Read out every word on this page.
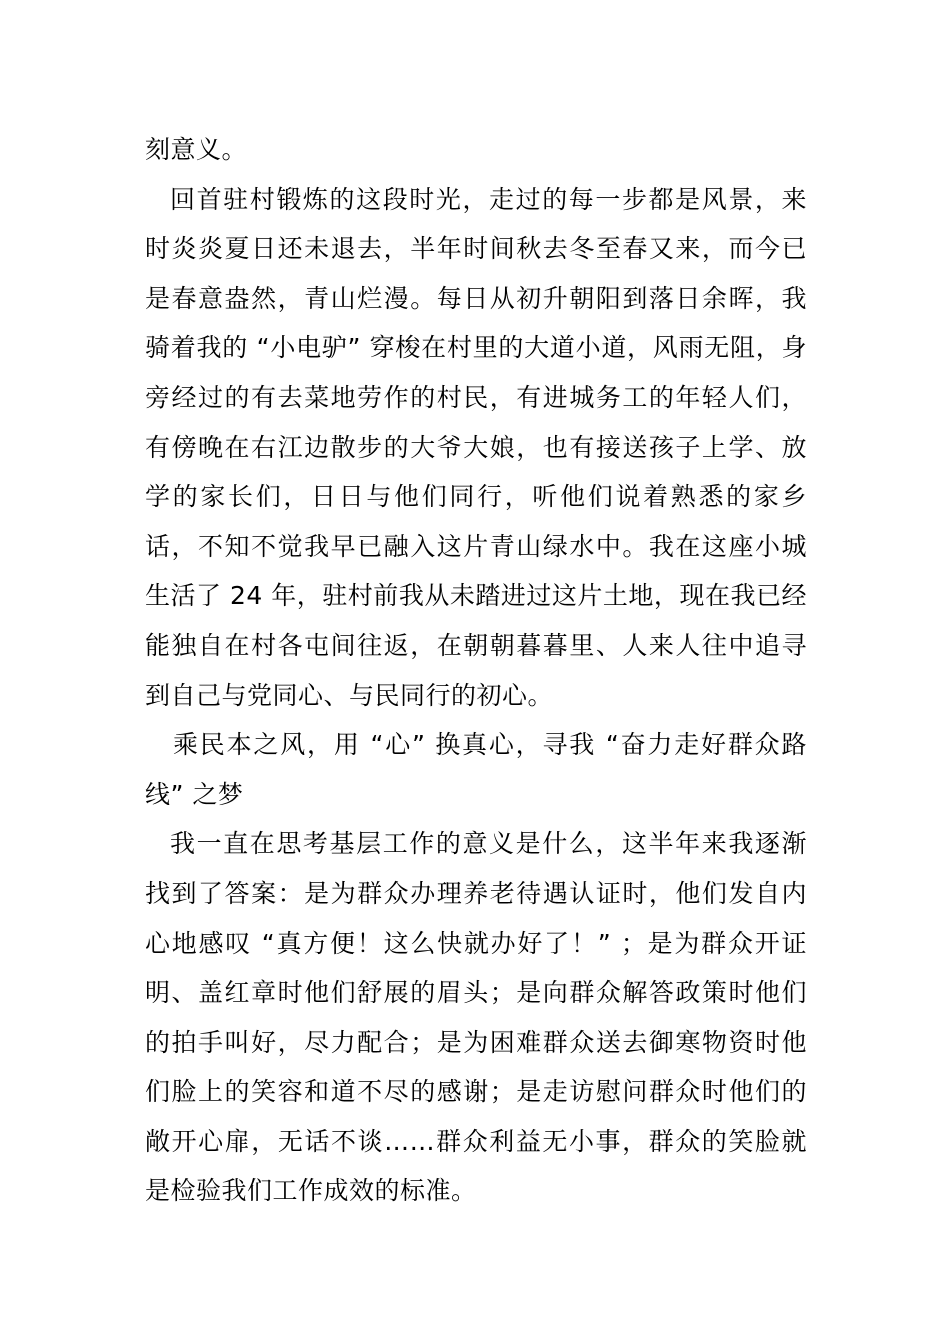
刻意义。

回首驻村锻炼的这段时光，走过的每一步都是风景，来时炎炎夏日还未退去，半年时间秋去冬至春又来，而今已是春意盎然，青山烂漫。每日从初升朝阳到落日余晖，我骑着我的 “小电驴” 穿梭在村里的大道小道，风雨无阻，身旁经过的有去菜地劳作的村民，有进城务工的年轻人们，有傍晚在右江边散步的大爷大娘，也有接送孩子上学、放学的家长们，日日与他们同行，听他们说着熟悉的家乡话，不知不觉我早已融入这片青山绿水中。我在这座小城生活了 24 年，驻村前我从未踏进过这片土地，现在我已经能独自在村各屯间往返，在朝朝暮暮里、人来人往中追寻到自己与党同心、与民同行的初心。

乘民本之风，用 “心” 换真心，寻我 “奋力走好群众路线” 之梦

我一直在思考基层工作的意义是什么，这半年来我逐渐找到了答案：是为群众办理养老待遇认证时，他们发自内心地感叹 “真方便！这么快就办好了！” ；是为群众开证明、盖红章时他们舒展的眉头；是向群众解答政策时他们的拍手叫好，尽力配合；是为困难群众送去御寒物资时他们脸上的笑容和道不尽的感谢；是走访慰问群众时他们的敞开心扉，无话不谈……群众利益无小事，群众的笑脸就是检验我们工作成效的标准。
